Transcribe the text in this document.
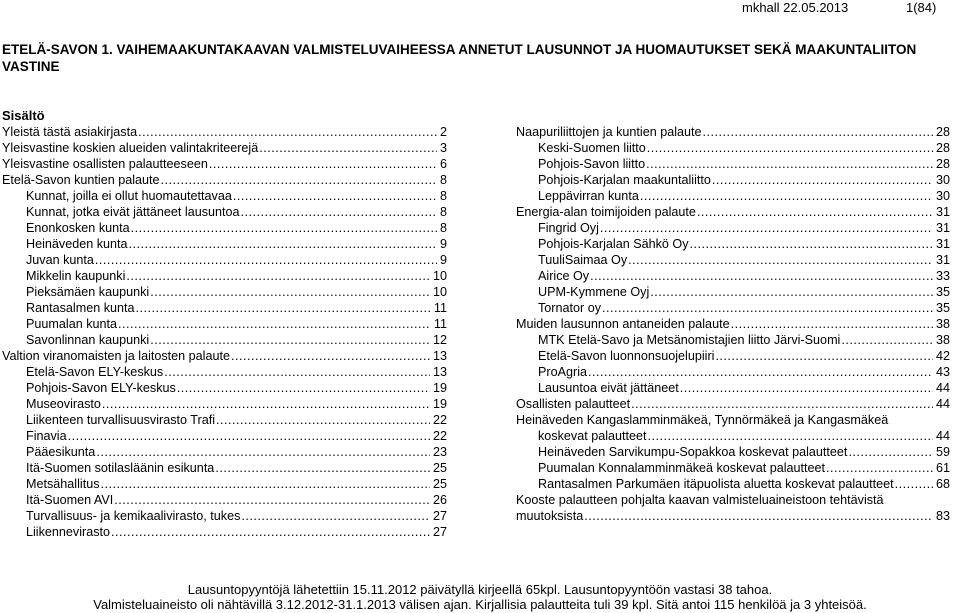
mkhall 22.05.2013	1(84)
ETELÄ-SAVON 1. VAIHEMAAKUNTAKAAVAN VALMISTELUVAIHEESSA ANNETUT LAUSUNNOT JA HUOMAUTUKSET SEKÄ MAAKUNTALIITON VASTINE
Sisältö
Yleistä tästä asiakirjasta .....	2
Yleisvastine koskien alueiden valintakriteerejä .....	3
Yleisvastine osallisten palautteeseen .....	6
Etelä-Savon kuntien palaute .....	8
Kunnat, joilla ei ollut huomautettavaa .....	8
Kunnat, jotka eivät jättäneet lausuntoa .....	8
Enonkosken kunta .....	8
Heinäveden kunta .....	9
Juvan kunta .....	9
Mikkelin kaupunki .....	10
Pieksämäen kaupunki .....	10
Rantasalmen kunta .....	11
Puumalan kunta .....	11
Savonlinnan kaupunki .....	12
Valtion viranomaisten ja laitosten palaute .....	13
Etelä-Savon ELY-keskus .....	13
Pohjois-Savon ELY-keskus .....	19
Museovirasto .....	19
Liikenteen turvallisuusvirasto Trafi .....	22
Finavia .....	22
Pääesikunta .....	23
Itä-Suomen sotilasläänin esikunta .....	25
Metsähallitus .....	25
Itä-Suomen AVI .....	26
Turvallisuus- ja kemikaalivirasto, tukes .....	27
Liikennevirasto .....	27
Naapuriliittojen ja kuntien palaute .....	28
Keski-Suomen liitto .....	28
Pohjois-Savon liitto .....	28
Pohjois-Karjalan maakuntaliitto .....	30
Leppävirran kunta .....	30
Energia-alan toimijoiden palaute .....	31
Fingrid Oyj .....	31
Pohjois-Karjalan Sähkö Oy .....	31
TuuliSaimaa Oy .....	31
Airice Oy .....	33
UPM-Kymmene Oyj .....	35
Tornator oy .....	35
Muiden lausunnon antaneiden palaute .....	38
MTK Etelä-Savo ja Metsänomistajien liitto Järvi-Suomi .....	38
Etelä-Savon luonnonsuojelupiiri .....	42
ProAgria .....	43
Lausuntoa eivät jättäneet .....	44
Osallisten palautteet .....	44
Heinäveden Kangaslamminmäkeä, Tynnörmäkeä ja Kangasmäkeä
koskevat palautteet .....	44
Heinäveden Sarvikumpu-Sopakkoa koskevat palautteet .....	59
Puumalan Konnalamminmäkeä koskevat palautteet .....	61
Rantasalmen Parkumäen itäpuolista aluetta koskevat palautteet .....	68
Kooste palautteen pohjalta kaavan valmisteluaineistoon tehtävistä
muutoksista .....	83
Lausuntopyyntöjä lähetettiin 15.11.2012 päivätyllä kirjeellä 65kpl. Lausuntopyyntöön vastasi 38 tahoa.
Valmisteluaineisto oli nähtävillä 3.12.2012-31.1.2013 välisen ajan. Kirjallisia palautteita tuli 39 kpl. Sitä antoi 115 henkilöä ja 3 yhteisöä.
